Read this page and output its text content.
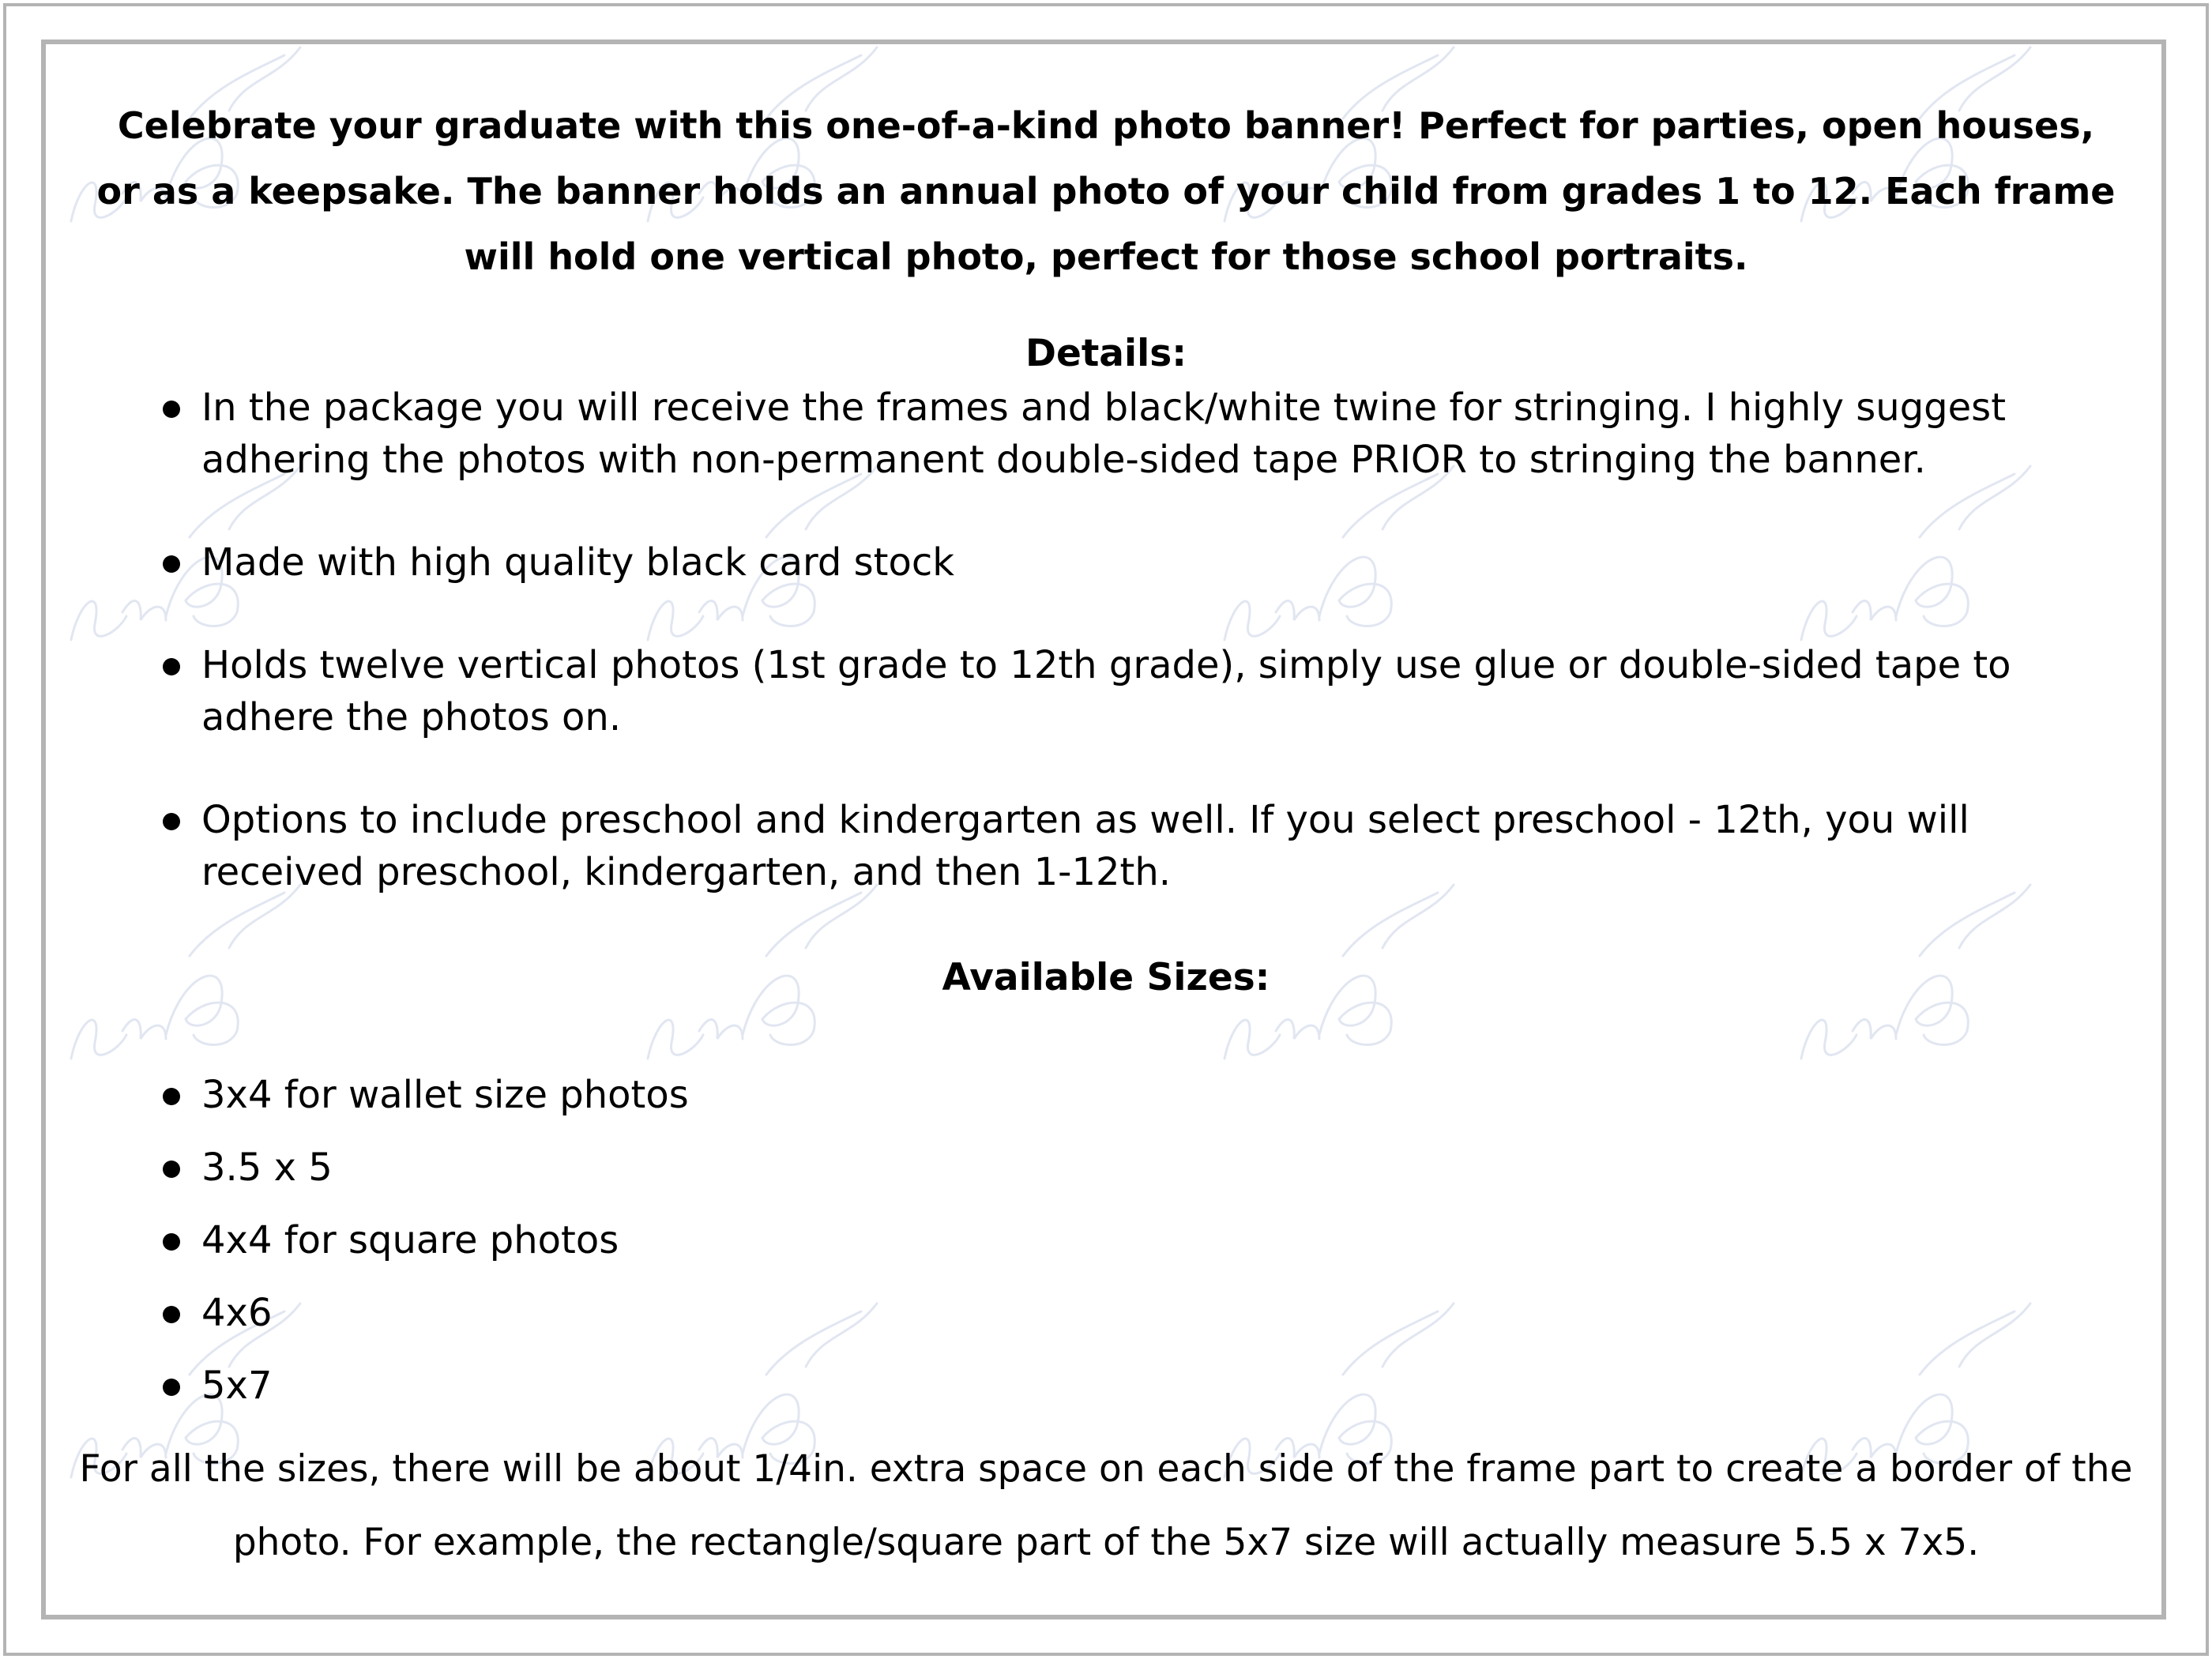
Celebrate your graduate with this one-of-a-kind photo banner! Perfect for parties, open houses, or as a keepsake. The banner holds an annual photo of your child from grades 1 to 12. Each frame will hold one vertical photo, perfect for those school portraits.

Details:
In the package you will receive the frames and black/white twine for stringing. I highly suggest adhering the photos with non-permanent double-sided tape PRIOR to stringing the banner.
Made with high quality black card stock
Holds twelve vertical photos (1st grade to 12th grade), simply use glue or double-sided tape to adhere the photos on.
Options to include preschool and kindergarten as well. If you select preschool - 12th, you will received preschool, kindergarten, and then 1-12th.
Available Sizes:
3x4 for wallet size photos
3.5 x 5
4x4 for square photos
4x6
5x7

For all the sizes, there will be about 1/4in. extra space on each side of the frame part to create a border of the photo. For example, the rectangle/square part of the 5x7 size will actually measure 5.5 x 7x5.
